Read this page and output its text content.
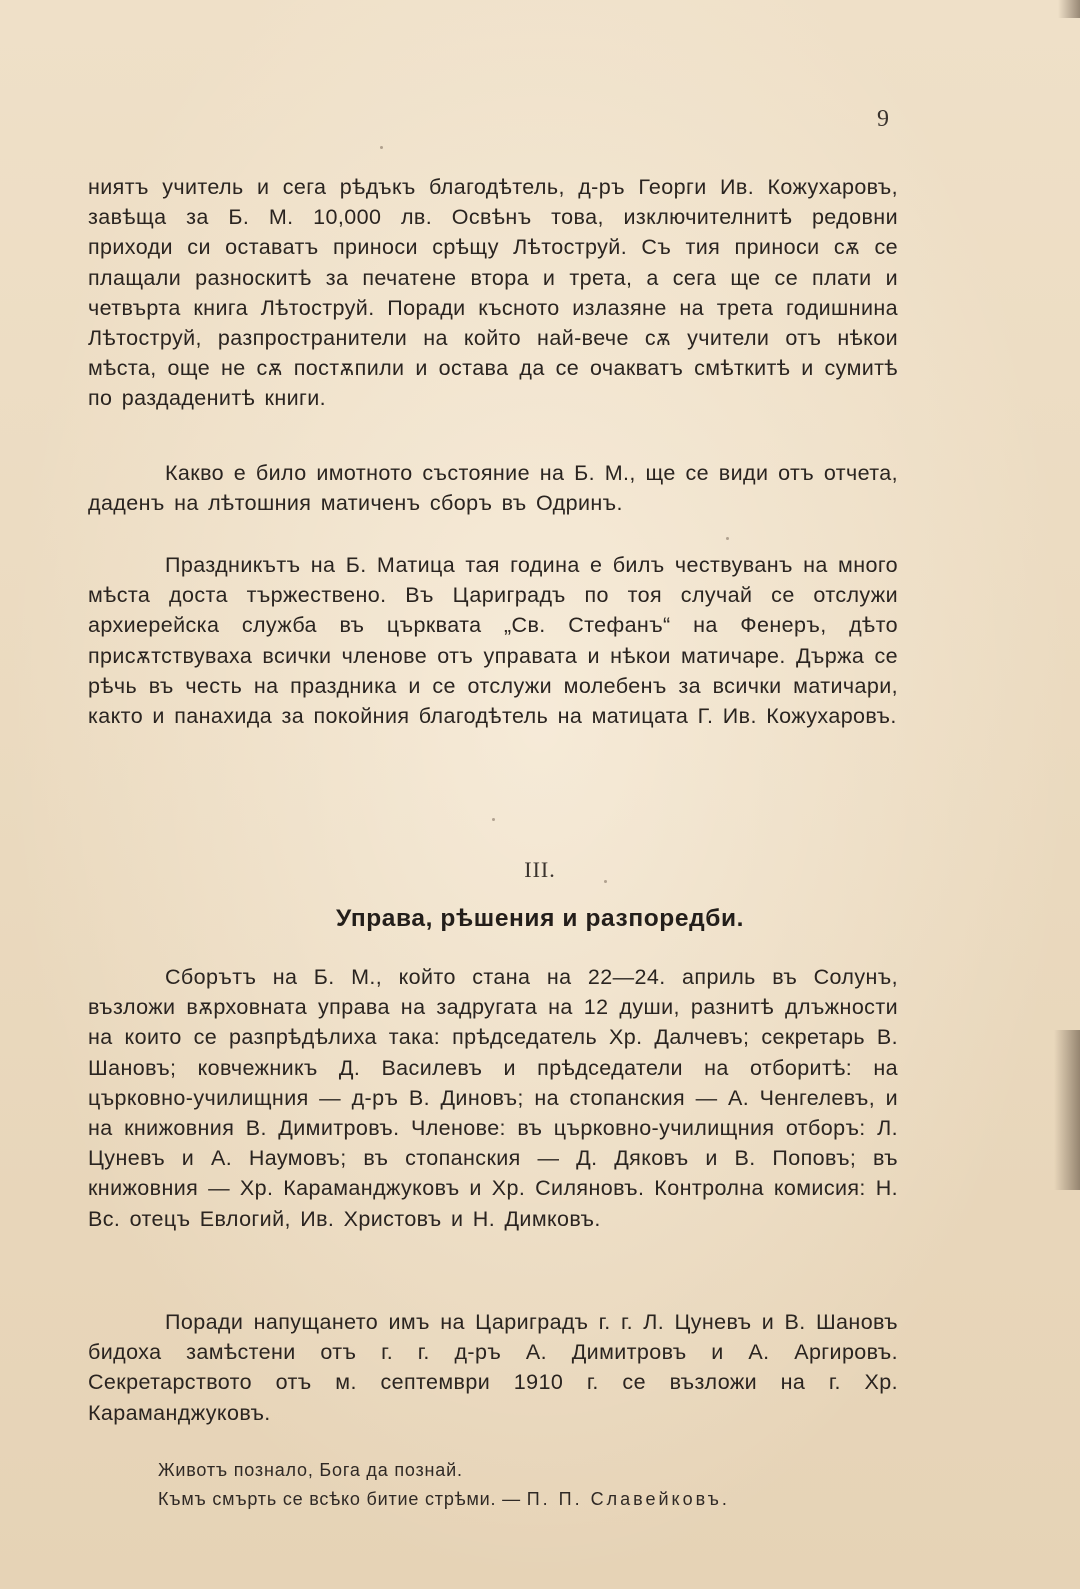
9

ниятъ учитель и сега рѣдъкъ благодѣтель, д-ръ Георги Ив. Кожухаровъ, завѣща за Б. М. 10,000 лв. Освѣнъ това, изключителнитѣ редовни приходи си оставатъ приноси срѣщу Лѣтоструй. Съ тия приноси сѫ се плащали разноскитѣ за печатене втора и трета, а сега ще се плати и четвърта книга Лѣтоструй. Поради късното излазяне на трета годишнина Лѣтоструй, разпространители на който най-вече сѫ учители отъ нѣкои мѣста, още не сѫ постѫпили и остава да се очакватъ смѣткитѣ и сумитѣ по раздаденитѣ книги.

Какво е било имотното състояние на Б. М., ще се види отъ отчета, даденъ на лѣтошния матиченъ сборъ въ Одринъ.

Праздникътъ на Б. Матица тая година е билъ чествуванъ на много мѣста доста тържествено. Въ Цариградъ по тоя случай се отслужи архиерейска служба въ църквата „Св. Стефанъ“ на Фенеръ, дѣто присѫтствуваха всички членове отъ управата и нѣкои матичаре. Държа се рѣчь въ честь на праздника и се отслужи молебенъ за всички матичари, както и панахида за покойния благодѣтель на матицата Г. Ив. Кожухаровъ.

III.
Управа, рѣшения и разпоредби.

Сборътъ на Б. М., който стана на 22—24. априль въ Солунъ, възложи вѫрховната управа на задругата на 12 души, разнитѣ длъжности на които се разпрѣдѣлиха така: прѣдседатель Хр. Далчевъ; секретарь В. Шановъ; ковчежникъ Д. Василевъ и прѣдседатели на отборитѣ: на църковно-училищния — д-ръ В. Диновъ; на стопанския — А. Ченгелевъ, и на книжовния В. Димитровъ. Членове: въ църковно-училищния отборъ: Л. Цуневъ и А. Наумовъ; въ стопанския — Д. Дяковъ и В. Поповъ; въ книжовния — Хр. Караманджуковъ и Хр. Силяновъ. Контролна комисия: Н. Вс. отецъ Евлогий, Ив. Христовъ и Н. Димковъ.

Поради напущането имъ на Цариградъ г. г. Л. Цуневъ и В. Шановъ бидоха замѣстени отъ г. г. д-ръ А. Димитровъ и А. Аргировъ. Секретарството отъ м. септември 1910 г. се възложи на г. Хр. Караманджуковъ.

Животъ познало, Бога да познай.
Къмъ смърть се всѣко битие стрѣми. — П. П. Славейковъ.
